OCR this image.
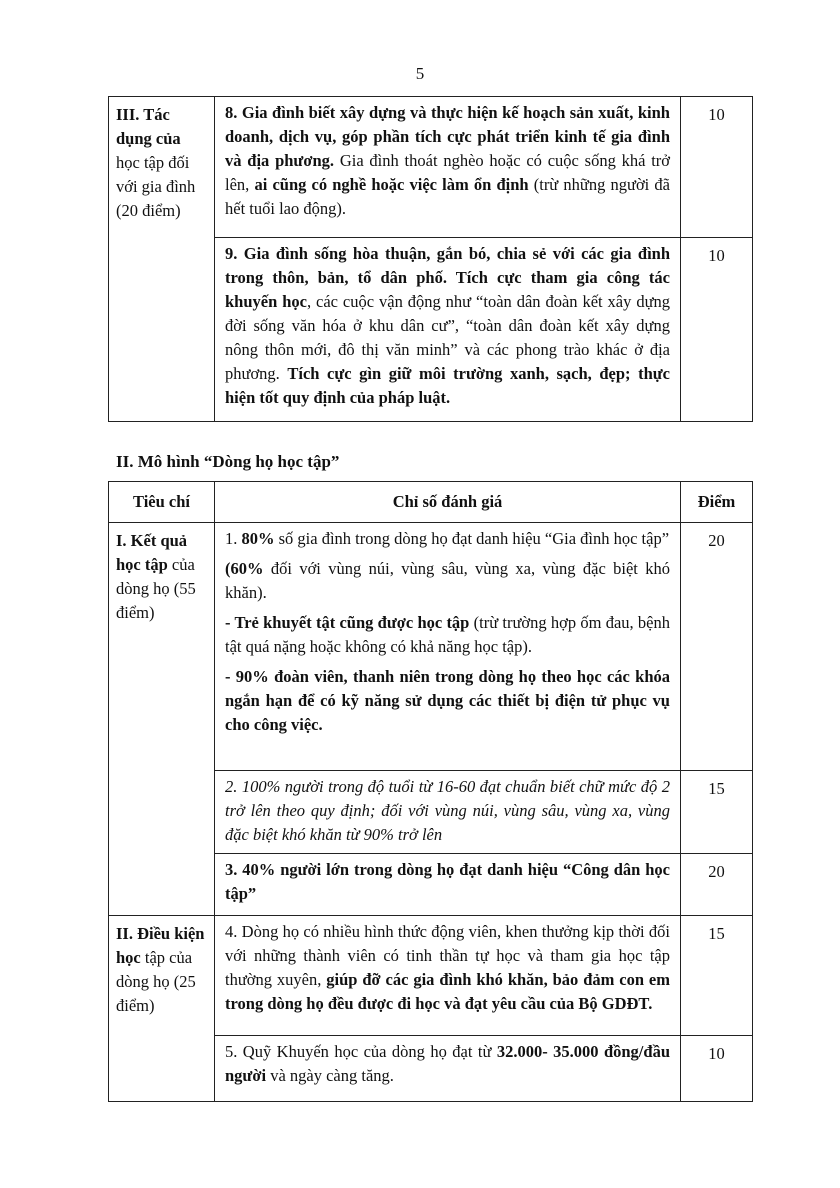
5
III. Tác dụng của học tập đối với gia đình (20 điểm)	8. Gia đình biết xây dựng và thực hiện kế hoạch sản xuất, kinh doanh, dịch vụ, góp phần tích cực phát triển kinh tế gia đình và địa phương. Gia đình thoát nghèo hoặc có cuộc sống khá trở lên, ai cũng có nghề hoặc việc làm ổn định (trừ những người đã hết tuổi lao động).	10
	9. Gia đình sống hòa thuận, gắn bó, chia sẻ với các gia đình trong thôn, bản, tổ dân phố. Tích cực tham gia công tác khuyến học, các cuộc vận động như “toàn dân đoàn kết xây dựng đời sống văn hóa ở khu dân cư”, “toàn dân đoàn kết xây dựng nông thôn mới, đô thị văn minh” và các phong trào khác ở địa phương. Tích cực gìn giữ môi trường xanh, sạch, đẹp; thực hiện tốt quy định của pháp luật.	10
II. Mô hình “Dòng họ học tập”
Tiêu chí	Chỉ số đánh giá	Điểm
I. Kết quả học tập của dòng họ (55 điểm)	1. 80% số gia đình trong dòng họ đạt danh hiệu “Gia đình học tập”

(60% đối với vùng núi, vùng sâu, vùng xa, vùng đặc biệt khó khăn).

- Trẻ khuyết tật cũng được học tập (trừ trường hợp ốm đau, bệnh tật quá nặng hoặc không có khả năng học tập).

- 90% đoàn viên, thanh niên trong dòng họ theo học các khóa ngắn hạn để có kỹ năng sử dụng các thiết bị điện tử phục vụ cho công việc.	20

	2. 100% người trong độ tuổi từ 16-60 đạt chuẩn biết chữ mức độ 2 trở lên theo quy định; đối với vùng núi, vùng sâu, vùng xa, vùng đặc biệt khó khăn từ 90% trở lên	15

	3. 40% người lớn trong dòng họ đạt danh hiệu “Công dân học tập”	20
II. Điều kiện học tập của dòng họ (25 điểm)	4. Dòng họ có nhiều hình thức động viên, khen thưởng kịp thời đối với những thành viên có tinh thần tự học và tham gia học tập thường xuyên, giúp đỡ các gia đình khó khăn, bảo đảm con em trong dòng họ đều được đi học và đạt yêu cầu của Bộ GDĐT.	15

	5. Quỹ Khuyến học của dòng họ đạt từ 32.000- 35.000 đồng/đầu người và ngày càng tăng.	10
